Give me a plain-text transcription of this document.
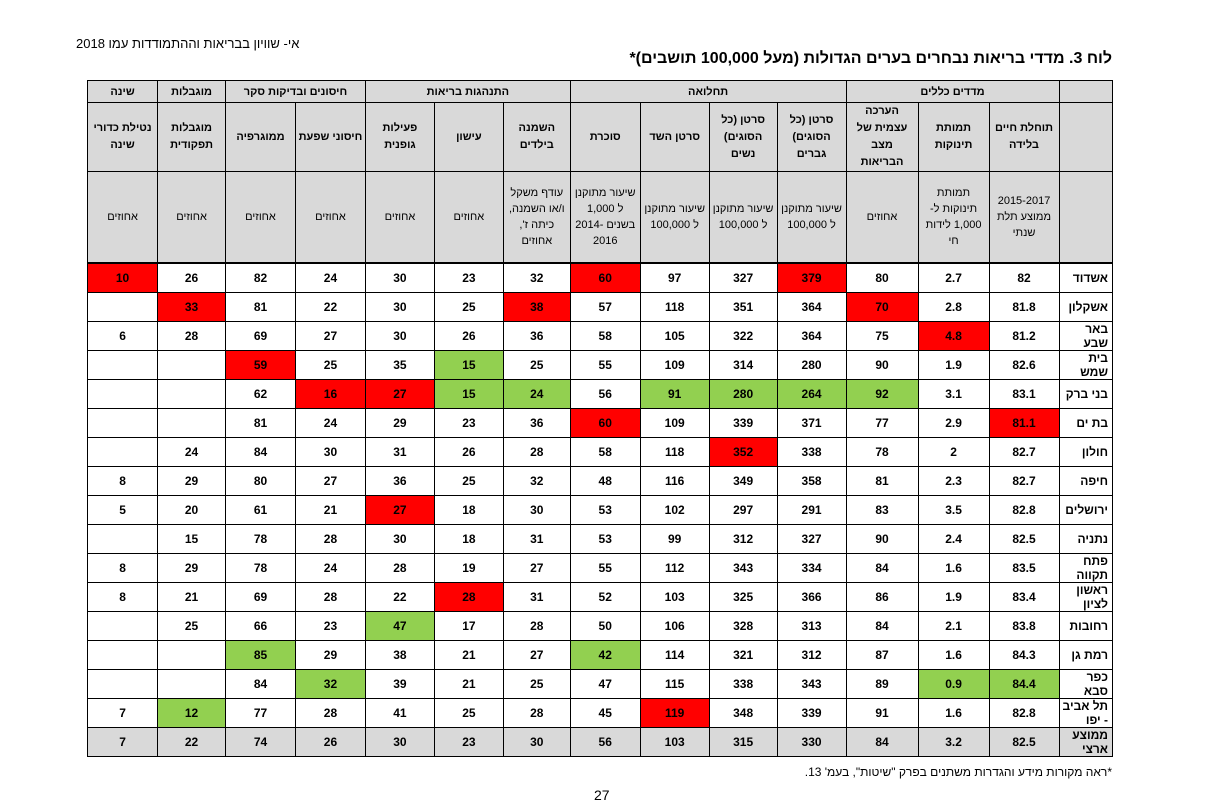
אי- שוויון בבריאות וההתמודדות עמו 2018
לוח 3. מדדי בריאות נבחרים בערים הגדולות (מעל 100,000 תושבים)*
	מדדים כללים			תחלואה				התנהגות בריאות			חיסונים ובדיקות סקר		מוגבלות	שינה
	תוחלת חיים בלידה	תמותת תינוקות	הערכה עצמית של מצב הבריאות	סרטן (כל הסוגים) גברים	סרטן (כל הסוגים) נשים	סרטן השד	סוכרת	השמנה בילדים	עישון	פעילות גופנית	חיסוני שפעת	ממוגרפיה	מוגבלות תפקודית	נטילת כדורי שינה
	2015-2017 ממוצע תלת שנתי	תמותת תינוקות ל- 1,000 לידות חי	אחוזים	שיעור מתוקנן ל 100,000	שיעור מתוקנן ל 100,000	שיעור מתוקנן ל 100,000	שיעור מתוקנן ל 1,000 בשנים 2014-2016	עודף משקל ו/או השמנה, כיתה ז', אחוזים	אחוזים	אחוזים	אחוזים	אחוזים	אחוזים	אחוזים
אשדוד	82	2.7	80	379	327	97	60	32	23	30	24	82	26	10
אשקלון	81.8	2.8	70	364	351	118	57	38	25	30	22	81	33	
באר שבע	81.2	4.8	75	364	322	105	58	36	26	30	27	69	28	6
בית שמש	82.6	1.9	90	280	314	109	55	25	15	35	25	59		
בני ברק	83.1	3.1	92	264	280	91	56	24	15	27	16	62		
בת ים	81.1	2.9	77	371	339	109	60	36	23	29	24	81		
חולון	82.7	2	78	338	352	118	58	28	26	31	30	84	24	
חיפה	82.7	2.3	81	358	349	116	48	32	25	36	27	80	29	8
ירושלים	82.8	3.5	83	291	297	102	53	30	18	27	21	61	20	5
נתניה	82.5	2.4	90	327	312	99	53	31	18	30	28	78	15	
פתח תקווה	83.5	1.6	84	334	343	112	55	27	19	28	24	78	29	8
ראשון לציון	83.4	1.9	86	366	325	103	52	31	28	22	28	69	21	8
רחובות	83.8	2.1	84	313	328	106	50	28	17	47	23	66	25	
רמת גן	84.3	1.6	87	312	321	114	42	27	21	38	29	85		
כפר סבא	84.4	0.9	89	343	338	115	47	25	21	39	32	84		
תל אביב - יפו	82.8	1.6	91	339	348	119	45	28	25	41	28	77	12	7
ממוצע ארצי	82.5	3.2	84	330	315	103	56	30	23	30	26	74	22	7
*ראה מקורות מידע והגדרות משתנים בפרק "שיטות", בעמ' 13.
27
